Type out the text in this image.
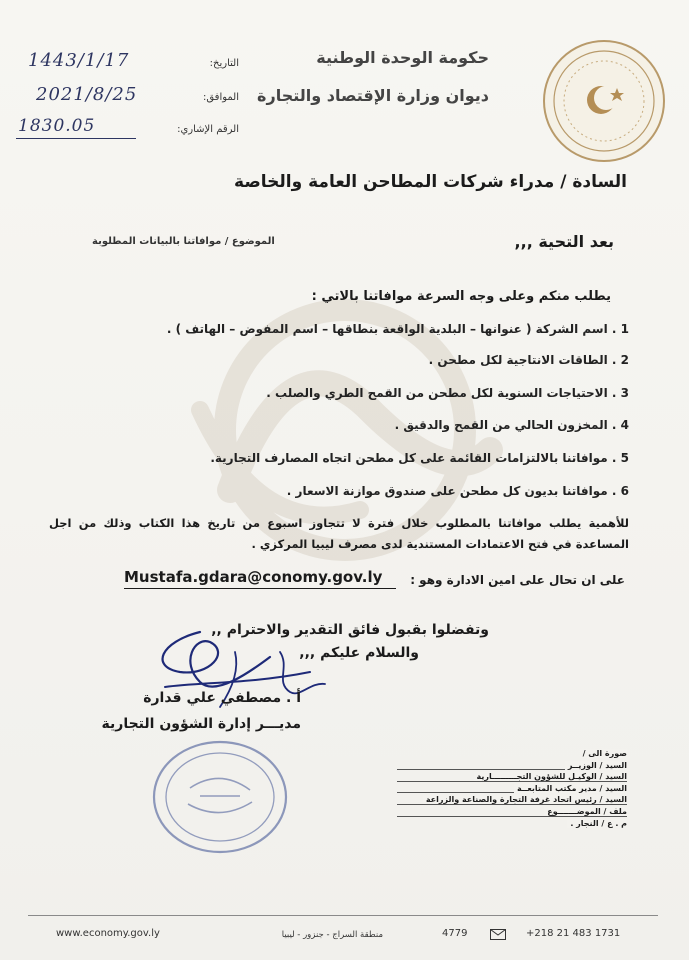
حكومة الوحدة الوطنية
ديوان وزارة الإقتصاد والتجارة
1443/1/17	التاريخ:
2021/8/25	الموافق:
1830.05	الرقم الإشاري:
السادة / مدراء شركات المطاحن العامة والخاصة
بعد التحية ,,,
الموضوع / موافاتنا بالبيانات المطلوبة
يطلب منكم وعلى وجه السرعة موافاتنا بالاتي :
1 . اسم الشركة ( عنوانها – البلدية الواقعة بنطاقها – اسم المفوض – الهاتف ) .
2 . الطاقات الانتاجية لكل مطحن .
3 . الاحتياجات السنوية لكل مطحن من القمح الطري والصلب .
4 . المخزون الحالي من القمح والدقيق .
5 . موافاتنا بالالتزامات القائمة على كل مطحن اتجاه المصارف التجارية.
6 . موافاتنا بديون كل مطحن على صندوق موازنة الاسعار .
للأهمية يطلب موافاتنا بالمطلوب خلال فترة لا تتجاوز اسبوع من تاريخ هذا الكتاب وذلك من اجل المساعدة في فتح الاعتمادات المستندية لدى مصرف ليبيا المركزي .
على ان تحال على امين الادارة وهو :
Mustafa.gdara@conomy.gov.ly
وتفضلوا بقبول فائق التقدير والاحترام ,,
والسلام عليكم ,,,
أ . مصطفي علي قدارة
مديـــر إدارة الشؤون التجارية
صورة الى /
السيد / الوزيــر
السيد / الوكيـل للشؤون التجـــــــــارية
السيد / مدير مكتب المتابعــة
السيد / رئيس اتحاد غرفة التجارة والصناعة والزراعة
ملف / الموضـــــــوع
م . ع / النجار .
www.economy.gov.ly	منطقة السراج - جنزور - ليبيا	4779	+218 21 483 1731
